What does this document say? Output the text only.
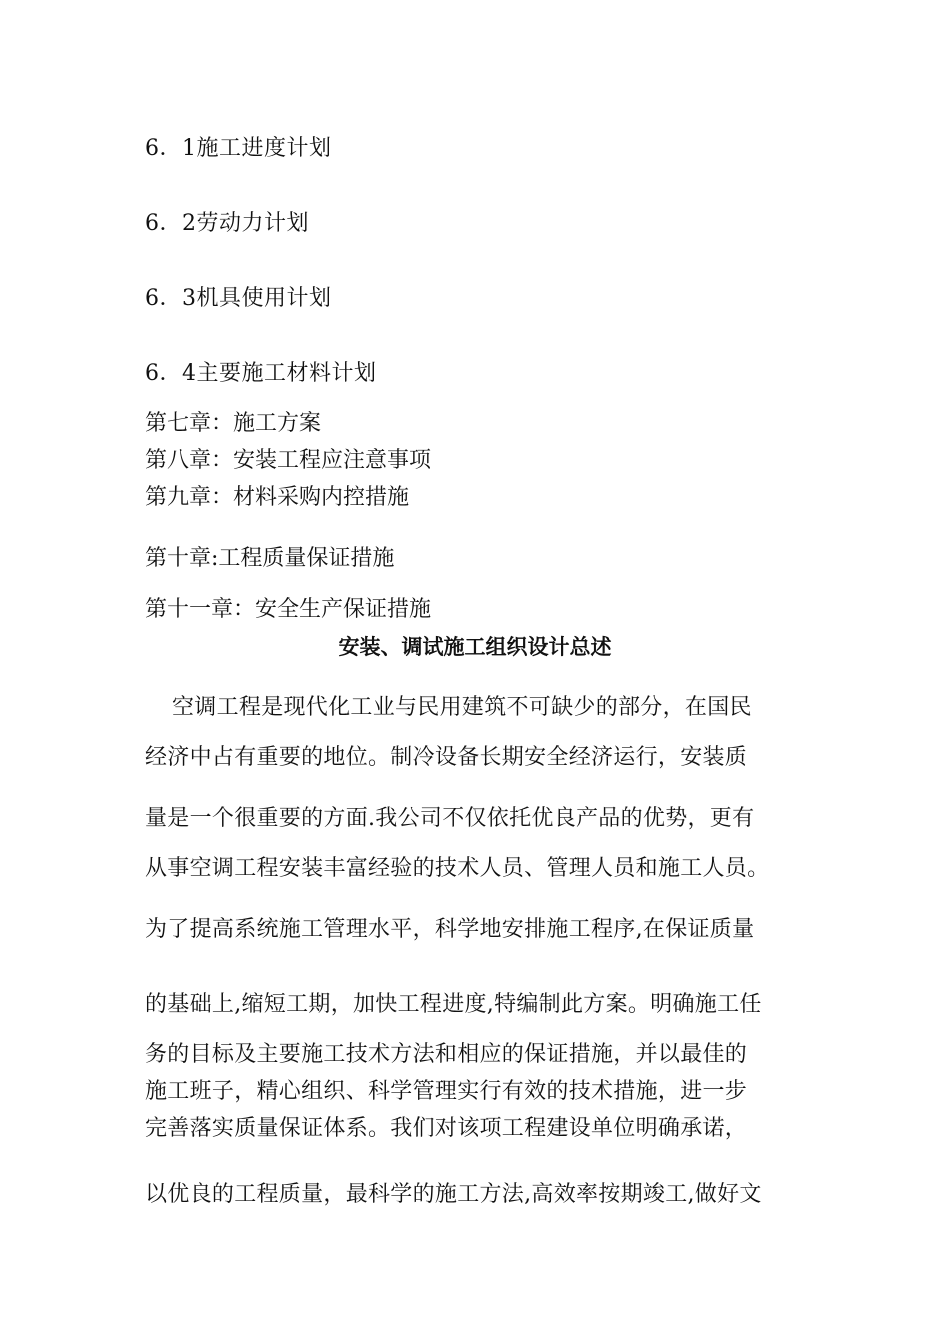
6．1施工进度计划

6．2劳动力计划

6．3机具使用计划

6．4主要施工材料计划

第七章：施工方案

第八章：安装工程应注意事项

第九章：材料采购内控措施

第十章:工程质量保证措施

第十一章：安全生产保证措施

安装、调试施工组织设计总述

空调工程是现代化工业与民用建筑不可缺少的部分，在国民

经济中占有重要的地位。制冷设备长期安全经济运行，安装质

量是一个很重要的方面.我公司不仅依托优良产品的优势，更有

从事空调工程安装丰富经验的技术人员、管理人员和施工人员。

为了提高系统施工管理水平，科学地安排施工程序,在保证质量

的基础上,缩短工期，加快工程进度,特编制此方案。明确施工任

务的目标及主要施工技术方法和相应的保证措施，并以最佳的

施工班子，精心组织、科学管理实行有效的技术措施，进一步

完善落实质量保证体系。我们对该项工程建设单位明确承诺，

以优良的工程质量，最科学的施工方法,高效率按期竣工,做好文
